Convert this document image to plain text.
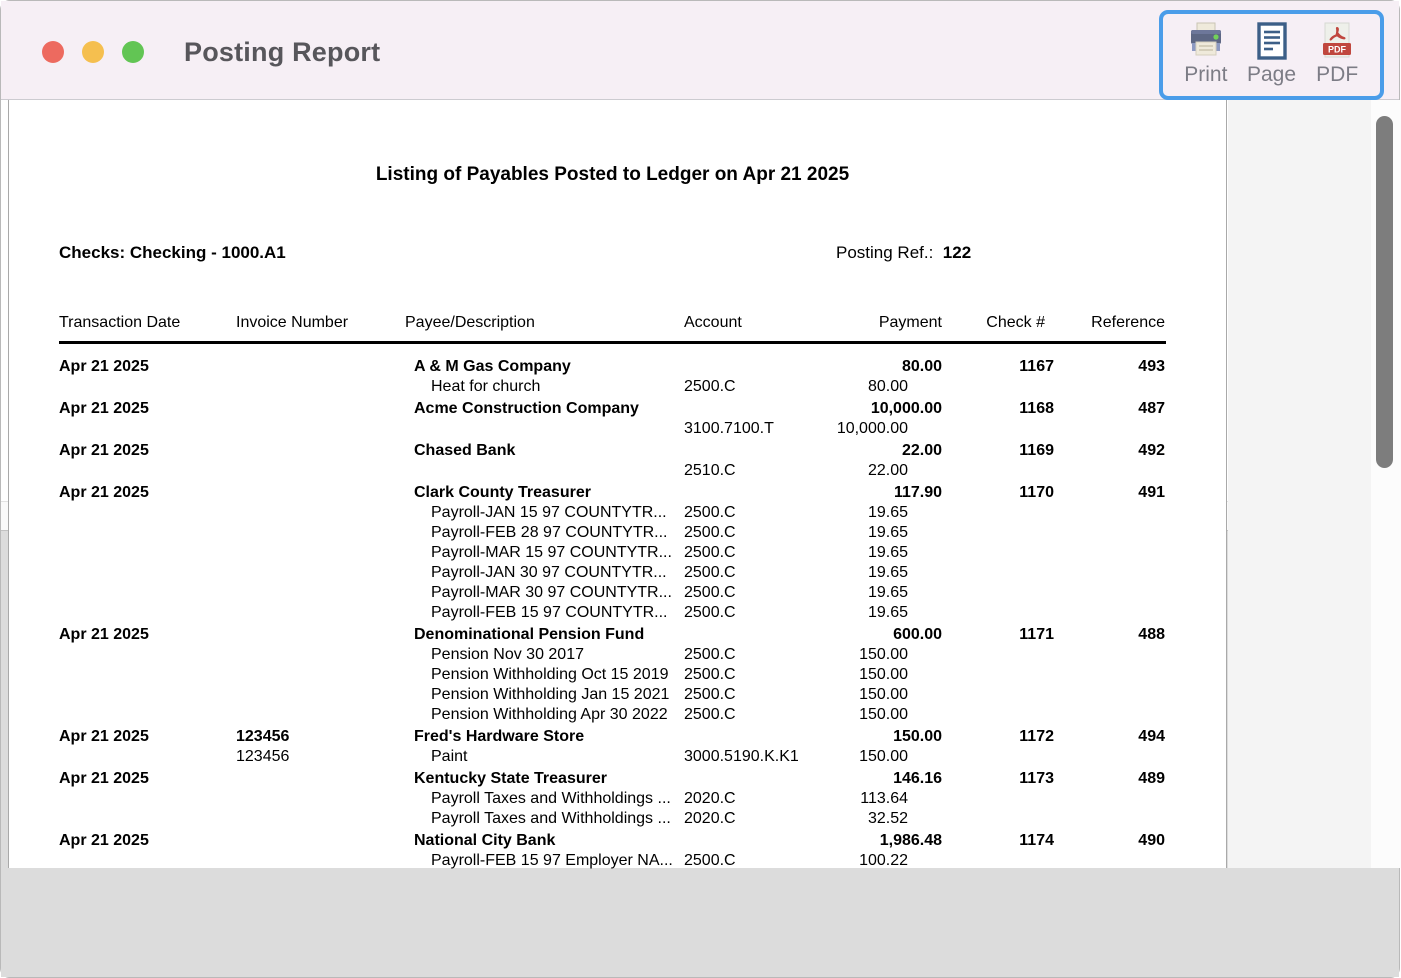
Posting Report
Print Page
PDF
PDF
Listing of Payables Posted to Ledger on Apr 21 2025
Checks: Checking - 1000.A1	Posting Ref.: 122
Transaction Date	Invoice Number	Payee/Description	Account	Payment	Check #	Reference
Apr 21 2025	A & M Gas Company	80.00	1167	493
Heat for church	2500.C	80.00
Apr 21 2025	Acme Construction Company	10,000.00	1168	487
3100.7100.T	10,000.00
Apr 21 2025	Chased Bank	22.00	1169	492
2510.C	22.00
Apr 21 2025	Clark County Treasurer	117.90	1170	491
Payroll-JAN 15 97 COUNTYTR...	2500.C	19.65
Payroll-FEB 28 97 COUNTYTR...	2500.C	19.65
Payroll-MAR 15 97 COUNTYTR... 2500.C	19.65
Payroll-JAN 30 97 COUNTYTR...	2500.C	19.65
Payroll-MAR 30 97 COUNTYTR... 2500.C	19.65
Payroll-FEB 15 97 COUNTYTR...	2500.C	19.65
Apr 21 2025	Denominational Pension Fund	600.00	1171	488
Pension Nov 30 2017	2500.C	150.00
Pension Withholding Oct 15 2019 2500.C	150.00
Pension Withholding Jan 15 2021 2500.C	150.00
Pension Withholding Apr 30 2022	2500.C	150.00
Apr 21 2025	123456	Fred's Hardware Store	150.00	1172	494
123456	Paint	3000.5190.K.K1	150.00
Apr 21 2025	Kentucky State Treasurer	146.16	1173	489
Payroll Taxes and Withholdings ... 2020.C	113.64
Payroll Taxes and Withholdings ... 2020.C	32.52
Apr 21 2025	National City Bank	1,986.48	1174	490
Payroll-FEB 15 97 Employer NA... 2500.C	100.22
